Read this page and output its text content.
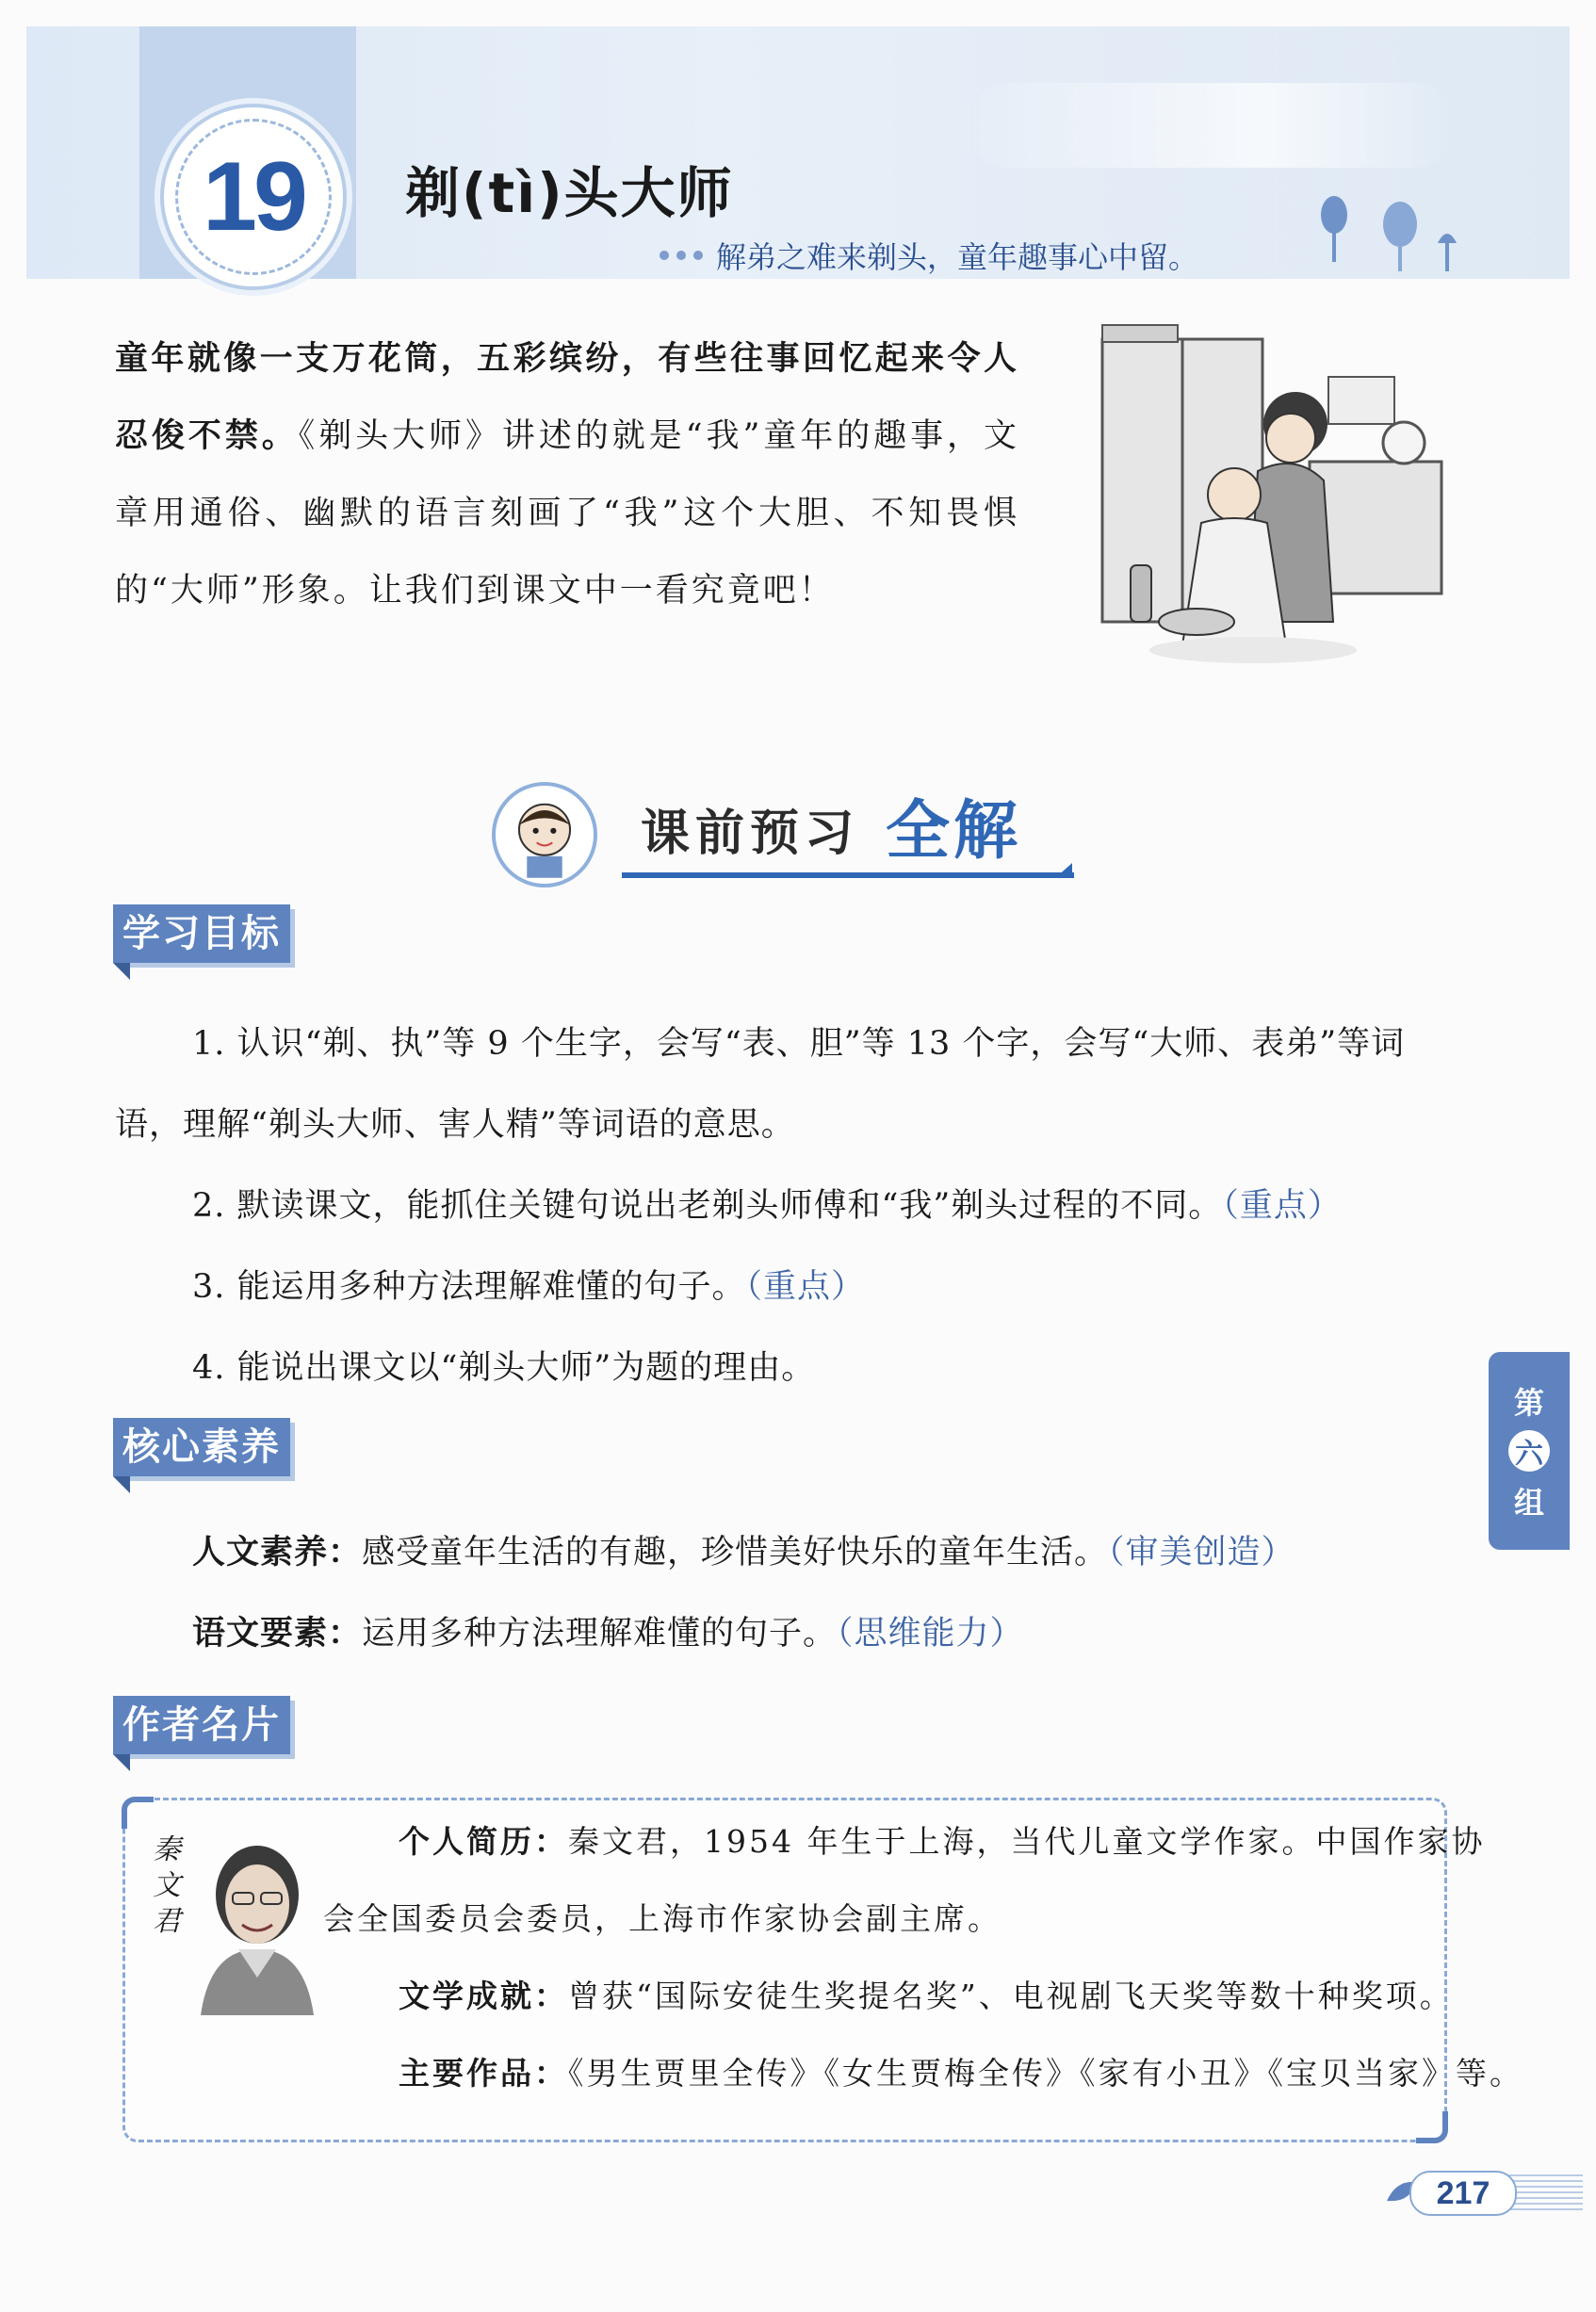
19 剃(tì)头大师
解弟之难来剃头，童年趣事心中留。
童年就像一支万花筒，五彩缤纷，有些往事回忆起来令人忍俊不禁。《剃头大师》讲述的就是“我”童年的趣事，文章用通俗、幽默的语言刻画了“我”这个大胆、不知畏惧的“大师”形象。让我们到课文中一看究竟吧！
课前预习 全解
学习目标
1. 认识“剃、执”等 9 个生字，会写“表、胆”等 13 个字，会写“大师、表弟”等词
语，理解“剃头大师、害人精”等词语的意思。
2. 默读课文，能抓住关键句说出老剃头师傅和“我”剃头过程的不同。（重点）
3. 能运用多种方法理解难懂的句子。（重点）
4. 能说出课文以“剃头大师”为题的理由。
核心素养
人文素养：感受童年生活的有趣，珍惜美好快乐的童年生活。（审美创造）
语文要素：运用多种方法理解难懂的句子。（思维能力）
作者名片
秦
文
君
个人简历：秦文君，1954 年生于上海，当代儿童文学作家。中国作家协
会全国委员会委员，上海市作家协会副主席。
文学成就：曾获“国际安徒生奖提名奖”、电视剧飞天奖等数十种奖项。
主要作品：《男生贾里全传》《女生贾梅全传》《家有小丑》《宝贝当家》等。
第
六
组
217
